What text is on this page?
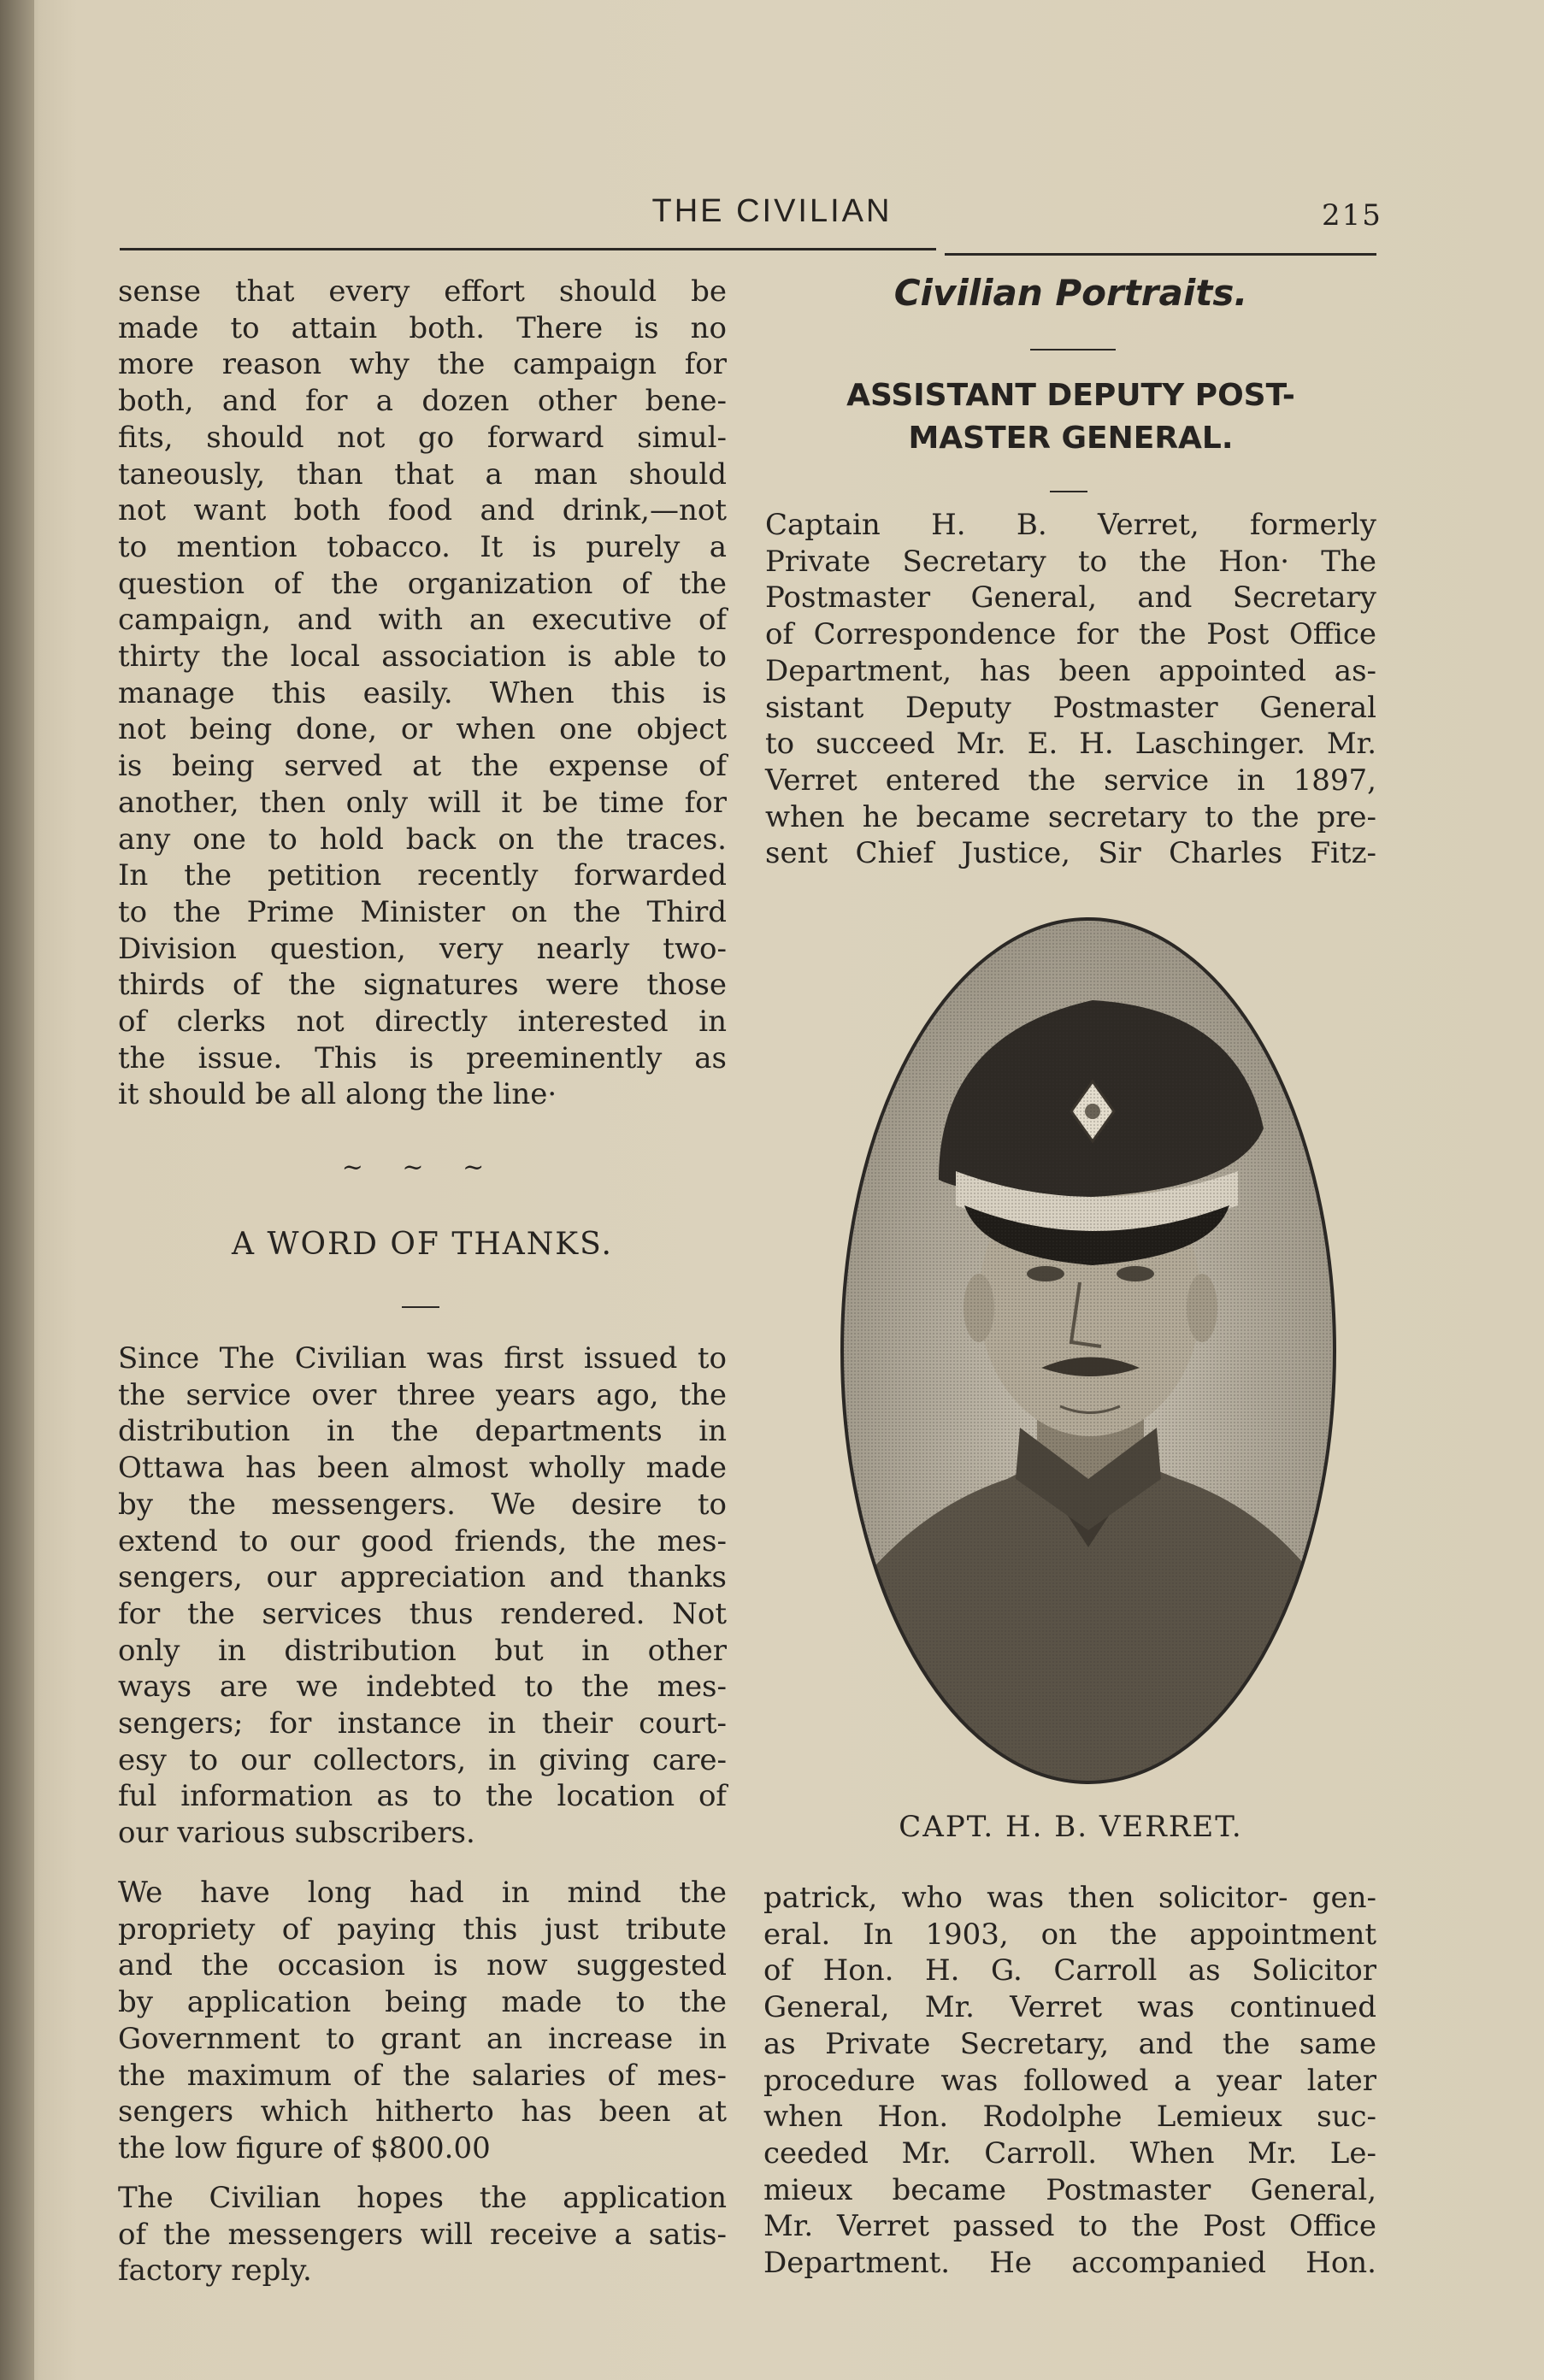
THE CIVILIAN	215
sense that every effort should be
made to attain both. There is no
more reason why the campaign for
both, and for a dozen other bene-
fits, should not go forward simul-
taneously, than that a man should
not want both food and drink,—not
to mention tobacco. It is purely a
question of the organization of the
campaign, and with an executive of
thirty the local association is able to
manage this easily. When this is
not being done, or when one object
is being served at the expense of
another, then only will it be time for
any one to hold back on the traces.
In the petition recently forwarded
to the Prime Minister on the Third
Division question, very nearly two-
thirds of the signatures were those
of clerks not directly interested in
the issue. This is preeminently as
it should be all along the line·
~ ~ ~
A WORD OF THANKS.
Since The Civilian was first issued to
the service over three years ago, the
distribution in the departments in
Ottawa has been almost wholly made
by the messengers. We desire to
extend to our good friends, the mes-
sengers, our appreciation and thanks
for the services thus rendered. Not
only in distribution but in other
ways are we indebted to the mes-
sengers; for instance in their court-
esy to our collectors, in giving care-
ful information as to the location of
our various subscribers.
We have long had in mind the
propriety of paying this just tribute
and the occasion is now suggested
by application being made to the
Government to grant an increase in
the maximum of the salaries of mes-
sengers which hitherto has been at
the low figure of $800.00
The Civilian hopes the application
of the messengers will receive a satis-
factory reply.
Civilian Portraits.
ASSISTANT DEPUTY POST-
MASTER GENERAL.
Captain H. B. Verret, formerly
Private Secretary to the Hon· The
Postmaster General, and Secretary
of Correspondence for the Post Office
Department, has been appointed as-
sistant Deputy Postmaster General
to succeed Mr. E. H. Laschinger. Mr.
Verret entered the service in 1897,
when he became secretary to the pre-
sent Chief Justice, Sir Charles Fitz-
CAPT. H. B. VERRET.
patrick, who was then solicitor- gen-
eral. In 1903, on the appointment
of Hon. H. G. Carroll as Solicitor
General, Mr. Verret was continued
as Private Secretary, and the same
procedure was followed a year later
when Hon. Rodolphe Lemieux suc-
ceeded Mr. Carroll. When Mr. Le-
mieux became Postmaster General,
Mr. Verret passed to the Post Office
Department. He accompanied Hon.
